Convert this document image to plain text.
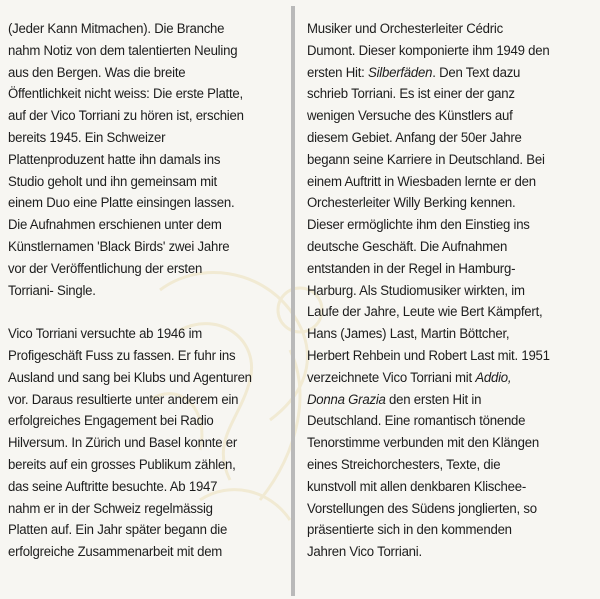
(Jeder Kann Mitmachen). Die Branche
nahm Notiz von dem talentierten Neuling
aus den Bergen. Was die breite
Öffentlichkeit nicht weiss: Die erste Platte,
auf der Vico Torriani zu hören ist, erschien
bereits 1945. Ein Schweizer
Plattenproduzent hatte ihn damals ins
Studio geholt und ihn gemeinsam mit
einem Duo eine Platte einsingen lassen.
Die Aufnahmen erschienen unter dem
Künstlernamen 'Black Birds' zwei Jahre
vor der Veröffentlichung der ersten
Torriani- Single.
Vico Torriani versuchte ab 1946 im
Profigeschäft Fuss zu fassen. Er fuhr ins
Ausland und sang bei Klubs und Agenturen
vor. Daraus resultierte unter anderem ein
erfolgreiches Engagement bei Radio
Hilversum. In Zürich und Basel konnte er
bereits auf ein grosses Publikum zählen,
das seine Auftritte besuchte. Ab 1947
nahm er in der Schweiz regelmässig
Platten auf. Ein Jahr später begann die
erfolgreiche Zusammenarbeit mit dem
Musiker und Orchesterleiter Cédric
Dumont. Dieser komponierte ihm 1949 den
ersten Hit: Silberfäden. Den Text dazu
schrieb Torriani. Es ist einer der ganz
wenigen Versuche des Künstlers auf
diesem Gebiet. Anfang der 50er Jahre
begann seine Karriere in Deutschland. Bei
einem Auftritt in Wiesbaden lernte er den
Orchesterleiter Willy Berking kennen.
Dieser ermöglichte ihm den Einstieg ins
deutsche Geschäft. Die Aufnahmen
entstanden in der Regel in Hamburg-
Harburg. Als Studiomusiker wirkten, im
Laufe der Jahre, Leute wie Bert Kämpfert,
Hans (James) Last, Martin Böttcher,
Herbert Rehbein und Robert Last mit. 1951
verzeichnete Vico Torriani mit Addio,
Donna Grazia den ersten Hit in
Deutschland. Eine romantisch tönende
Tenorstimme verbunden mit den Klängen
eines Streichorchesters, Texte, die
kunstvoll mit allen denkbaren Klischee-
Vorstellungen des Südens jonglierten, so
präsentierte sich in den kommenden
Jahren Vico Torriani.
